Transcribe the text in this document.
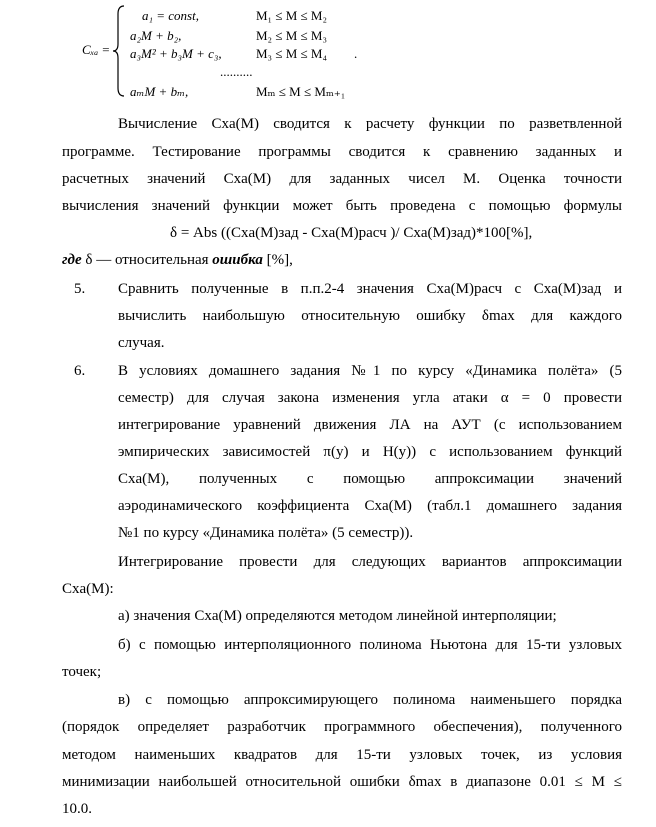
Cₓₐ =
a₁ = const,	M₁ ≤ M ≤ M₂
a₂M + b₂,	M₂ ≤ M ≤ M₃
a₃M² + b₃M + c₃,	M₃ ≤ M ≤ M₄ .
..........
aₘM + bₘ,	Mₘ ≤ M ≤ Mₘ₊₁
Вычисление Cxa(M) сводится к расчету функции по разветвленной
программе. Тестирование программы сводится к сравнению заданных и
расчетных значений Cxa(M) для заданных чисел M. Оценка точности
вычисления значений функции может быть проведена с помощью формулы
δ = Abs ((Cxa(M)зад - Cxa(M)расч )/ Cxa(M)зад)*100[%],
где δ — относительная ошибка [%],
5. Сравнить полученные в п.п.2-4 значения Cxa(M)расч с Cxa(M)зад и
вычислить наибольшую относительную ошибку δmax для каждого
случая.
6. В условиях домашнего задания №1 по курсу «Динамика полёта» (5
семестр) для случая закона изменения угла атаки α = 0 провести
интегрирование уравнений движения ЛА на АУТ (с использованием
эмпирических зависимостей π(y) и H(y)) с использованием функций
Cxa(M), полученных с помощью аппроксимации значений
аэродинамического коэффициента Cxa(M) (табл.1 домашнего задания
№1 по курсу «Динамика полёта» (5 семестр)).
Интегрирование провести для следующих вариантов аппроксимации
Cxa(M):
а) значения Cxa(M) определяются методом линейной интерполяции;
б) с помощью интерполяционного полинома Ньютона для 15-ти узловых
точек;
в) с помощью аппроксимирующего полинома наименьшего порядка
(порядок определяет разработчик программного обеспечения), полученного
методом наименьших квадратов для 15-ти узловых точек, из условия
минимизации наибольшей относительной ошибки δmax в диапазоне 0.01 ≤ M ≤
10.0.
